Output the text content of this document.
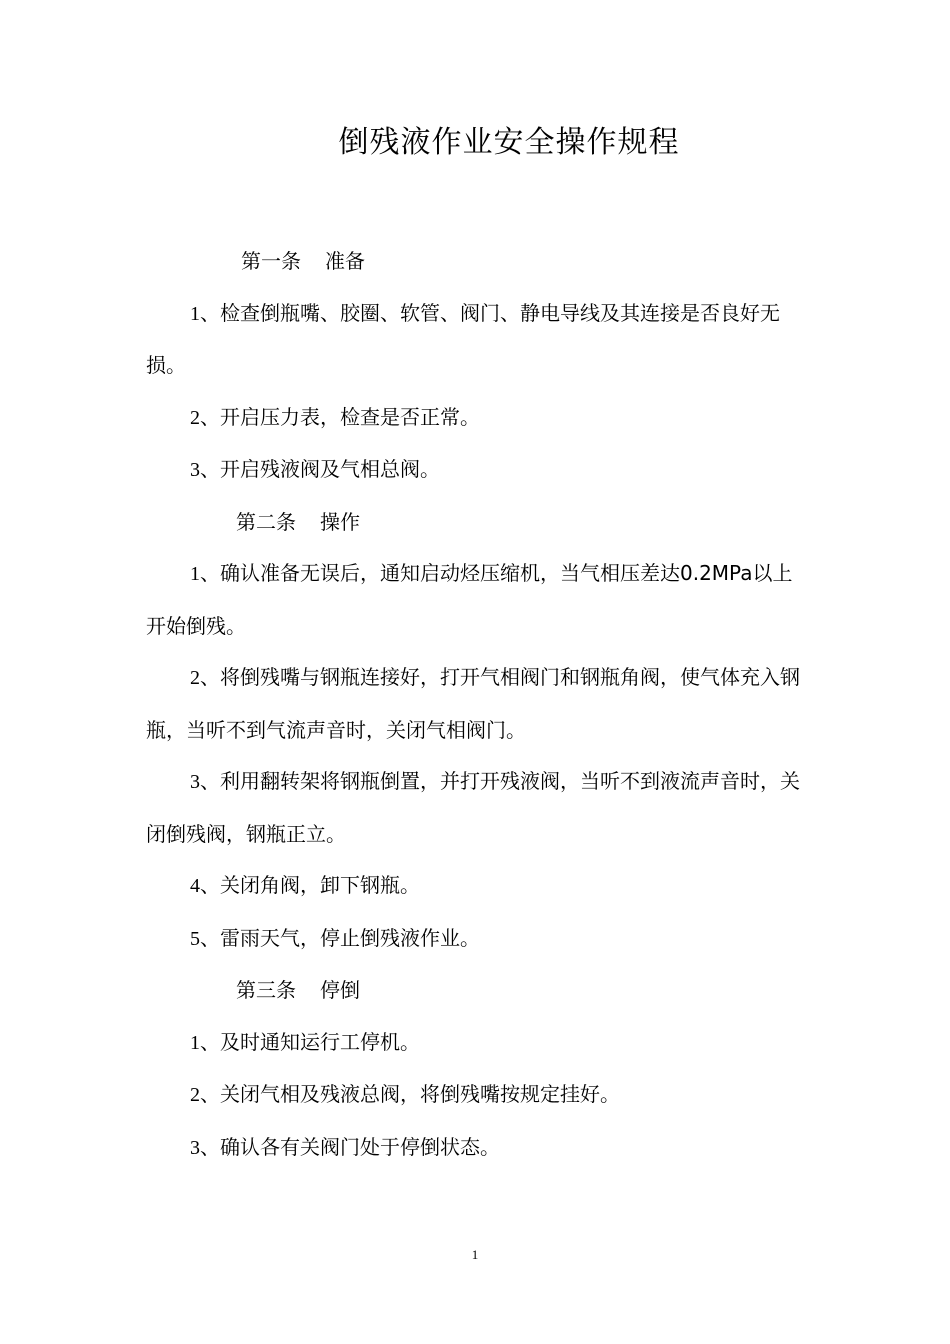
倒残液作业安全操作规程
第一条 准备

1、检查倒瓶嘴、胶圈、软管、阀门、静电导线及其连接是否良好无损。

2、开启压力表，检查是否正常。

3、开启残液阀及气相总阀。

第二条 操作

1、确认准备无误后，通知启动烃压缩机，当气相压差达0.2MPa以上开始倒残。

2、将倒残嘴与钢瓶连接好，打开气相阀门和钢瓶角阀，使气体充入钢瓶，当听不到气流声音时，关闭气相阀门。

3、利用翻转架将钢瓶倒置，并打开残液阀，当听不到液流声音时，关闭倒残阀，钢瓶正立。

4、关闭角阀，卸下钢瓶。

5、雷雨天气，停止倒残液作业。

第三条 停倒

1、及时通知运行工停机。

2、关闭气相及残液总阀，将倒残嘴按规定挂好。

3、确认各有关阀门处于停倒状态。

1
